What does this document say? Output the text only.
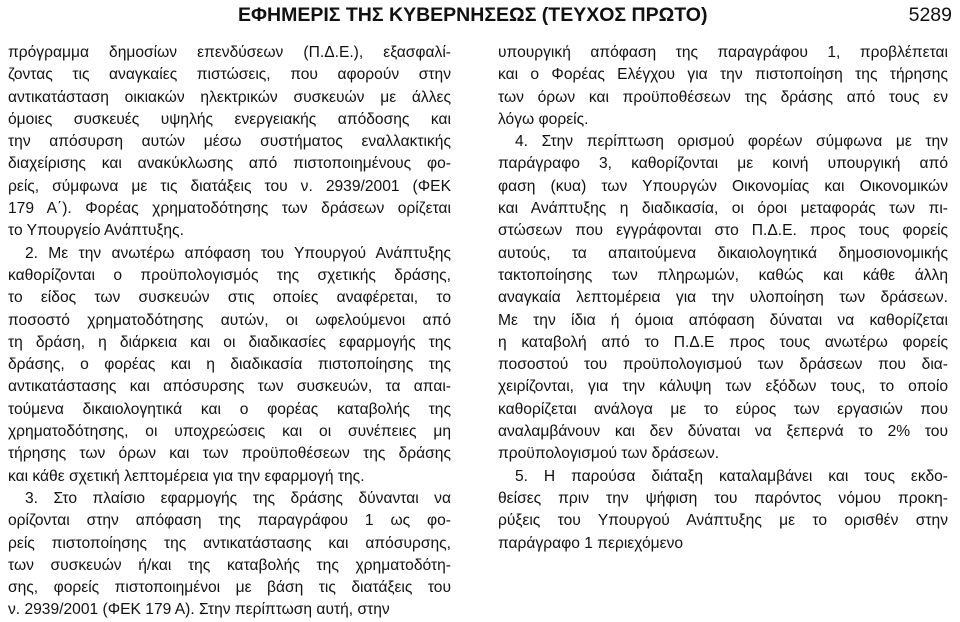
ΕΦΗΜΕΡΙΣ ΤΗΣ ΚΥΒΕΡΝΗΣΕΩΣ (ΤΕΥΧΟΣ ΠΡΩΤΟ)	5289
πρόγραμμα δημοσίων επενδύσεων (Π.Δ.Ε.), εξασφαλί-
ζοντας τις αναγκαίες πιστώσεις, που αφορούν στην
αντικατάσταση οικιακών ηλεκτρικών συσκευών με άλλες
όμοιες συσκευές υψηλής ενεργειακής απόδοσης και
την απόσυρση αυτών μέσω συστήματος εναλλακτικής
διαχείρισης και ανακύκλωσης από πιστοποιημένους φο-
ρείς, σύμφωνα με τις διατάξεις του ν. 2939/2001 (ΦΕΚ
179 Α΄). Φορέας χρηματοδότησης των δράσεων ορίζεται
το Υπουργείο Ανάπτυξης.
2. Με την ανωτέρω απόφαση του Υπουργού Ανάπτυξης
καθορίζονται ο προϋπολογισμός της σχετικής δράσης,
το είδος των συσκευών στις οποίες αναφέρεται, το
ποσοστό χρηματοδότησης αυτών, οι ωφελούμενοι από
τη δράση, η διάρκεια και οι διαδικασίες εφαρμογής της
δράσης, ο φορέας και η διαδικασία πιστοποίησης της
αντικατάστασης και απόσυρσης των συσκευών, τα απαι-
τούμενα δικαιολογητικά και ο φορέας καταβολής της
χρηματοδότησης, οι υποχρεώσεις και οι συνέπειες μη
τήρησης των όρων και των προϋποθέσεων της δράσης
και κάθε σχετική λεπτομέρεια για την εφαρμογή της.
3. Στο πλαίσιο εφαρμογής της δράσης δύνανται να
ορίζονται στην απόφαση της παραγράφου 1 ως φο-
ρείς πιστοποίησης της αντικατάστασης και απόσυρσης,
των συσκευών ή/και της καταβολής της χρηματοδότη-
σης, φορείς πιστοποιημένοι με βάση τις διατάξεις του
ν. 2939/2001 (ΦΕΚ 179 Α). Στην περίπτωση αυτή, στην
υπουργική απόφαση της παραγράφου 1, προβλέπεται
και ο Φορέας Ελέγχου για την πιστοποίηση της τήρησης
των όρων και προϋποθέσεων της δράσης από τους εν
λόγω φορείς.
4. Στην περίπτωση ορισμού φορέων σύμφωνα με την
παράγραφο 3, καθορίζονται με κοινή υπουργική από
φαση (κυα) των Υπουργών Οικονομίας και Οικονομικών
και Ανάπτυξης η διαδικασία, οι όροι μεταφοράς των πι-
στώσεων που εγγράφονται στο Π.Δ.Ε. προς τους φορείς
αυτούς, τα απαιτούμενα δικαιολογητικά δημοσιονομικής
τακτοποίησης των πληρωμών, καθώς και κάθε άλλη
αναγκαία λεπτομέρεια για την υλοποίηση των δράσεων.
Με την ίδια ή όμοια απόφαση δύναται να καθορίζεται
η καταβολή από το Π.Δ.Ε προς τους ανωτέρω φορείς
ποσοστού του προϋπολογισμού των δράσεων που δια-
χειρίζονται, για την κάλυψη των εξόδων τους, το οποίο
καθορίζεται ανάλογα με το εύρος των εργασιών που
αναλαμβάνουν και δεν δύναται να ξεπερνά το 2% του
προϋπολογισμού των δράσεων.
5. Η παρούσα διάταξη καταλαμβάνει και τους εκδο-
θείσες πριν την ψήφιση του παρόντος νόμου προκη-
ρύξεις του Υπουργού Ανάπτυξης με το ορισθέν στην
παράγραφο 1 περιεχόμενο
